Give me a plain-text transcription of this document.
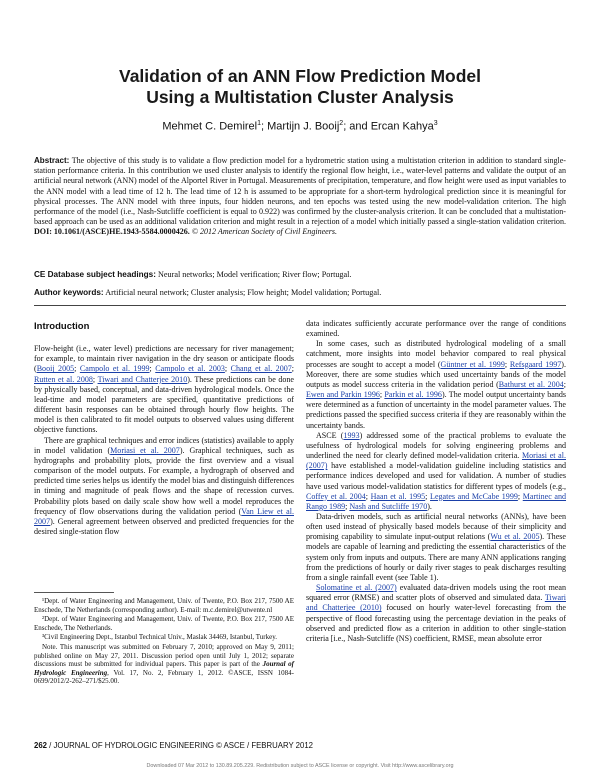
Validation of an ANN Flow Prediction Model
Using a Multistation Cluster Analysis
Mehmet C. Demirel$^1$; Martijn J. Booij$^2$; and Ercan Kahya$^3$
Abstract: The objective of this study is to validate a flow prediction model for a hydrometric station using a multistation criterion in addition to standard single-station performance criteria. In this contribution we used cluster analysis to identify the regional flow height, i.e., water-level patterns and validate the output of an artificial neural network (ANN) model of the Alportel River in Portugal. Measurements of precipitation, temperature, and flow height were used as input variables to the ANN model with a lead time of 12 h. The lead time of 12 h is assumed to be appropriate for a short-term hydrological prediction since it is meaningful for physical processes. The ANN model with three inputs, four hidden neurons, and ten epochs was tested using the new model-validation criterion. The high performance of the model (i.e., Nash-Sutcliffe coefficient is equal to 0.922) was confirmed by the cluster-analysis criterion. It can be concluded that a multistation-based approach can be used as an additional validation criterion and might result in a rejection of a model which initially passed a single-station validation criterion. DOI: 10.1061/(ASCE)HE.1943-5584.0000426. © 2012 American Society of Civil Engineers.
CE Database subject headings: Neural networks; Model verification; River flow; Portugal.
Author keywords: Artificial neural network; Cluster analysis; Flow height; Model validation; Portugal.
Introduction

Flow-height (i.e., water level) predictions are necessary for river management; for example, to maintain river navigation in the dry season or anticipate floods (Booij 2005; Campolo et al. 1999; Campolo et al. 2003; Chang et al. 2007; Rutten et al. 2008; Tiwari and Chatterjee 2010). These predictions can be done by physically based, conceptual, and data-driven hydrological models. Once the lead-time and model parameters are specified, quantitative predictions of different basin responses can be obtained through hourly flow heights. The model is then calibrated to fit model outputs to observed values using different objective functions.

There are graphical techniques and error indices (statistics) available to apply in model validation (Moriasi et al. 2007). Graphical techniques, such as hydrographs and probability plots, provide the first overview and a visual comparison of the model outputs. For example, a hydrograph of observed and predicted time series helps us identify the model bias and distinguish differences in timing and magnitude of peak flows and the shape of recession curves. Probability plots based on daily scale show how well a model reproduces the frequency of flow observations during the validation period (Van Liew et al. 2007). General agreement between observed and predicted frequencies for the desired single-station flow

¹Dept. of Water Engineering and Management, Univ. of Twente, P.O. Box 217, 7500 AE Enschede, The Netherlands (corresponding author). E-mail: m.c.demirel@utwente.nl

²Dept. of Water Engineering and Management, Univ. of Twente, P.O. Box 217, 7500 AE Enschede, The Netherlands.

³Civil Engineering Dept., Istanbul Technical Univ., Maslak 34469, Istanbul, Turkey.

Note. This manuscript was submitted on February 7, 2010; approved on May 9, 2011; published online on May 27, 2011. Discussion period open until July 1, 2012; separate discussions must be submitted for individual papers. This paper is part of the Journal of Hydrologic Engineering, Vol. 17, No. 2, February 1, 2012. ©ASCE, ISSN 1084-0699/2012/2-262–271/$25.00.

data indicates sufficiently accurate performance over the range of conditions examined.

In some cases, such as distributed hydrological modeling of a small catchment, more insights into model behavior compared to real physical processes are sought to accept a model (Güntner et al. 1999; Refsgaard 1997). Moreover, there are some studies which used uncertainty bands of the model outputs as model success criteria in the validation period (Bathurst et al. 2004; Ewen and Parkin 1996; Parkin et al. 1996). The model output uncertainty bands were determined as a function of uncertainty in the model parameter values. The predictions passed the specified success criteria if they are reasonably within the uncertainty bands.

ASCE (1993) addressed some of the practical problems to evaluate the usefulness of hydrological models for solving engineering problems and underlined the need for clearly defined model-validation criteria. Moriasi et al. (2007) have established a model-validation guideline including statistics and performance indices developed and used for validation. A number of studies have used various model-validation statistics for different types of models (e.g., Coffey et al. 2004; Haan et al. 1995; Legates and McCabe 1999; Martinec and Rango 1989; Nash and Sutcliffe 1970).

Data-driven models, such as artificial neural networks (ANNs), have been often used instead of physically based models because of their simplicity and promising capability to simulate input-output relations (Wu et al. 2005). These models are capable of learning and predicting the essential characteristics of the system only from inputs and outputs. There are many ANN applications ranging from the predictions of hourly or daily river stages to peak discharges resulting from a single rainfall event (see Table 1).

Solomatine et al. (2007) evaluated data-driven models using the root mean squared error (RMSE) and scatter plots of observed and simulated data. Tiwari and Chatterjee (2010) focused on hourly water-level forecasting from the perspective of flood forecasting using the percentage deviation in the peaks of observed and predicted flow as a criterion in addition to other single-station criteria [i.e., Nash-Sutcliffe (NS) coefficient, RMSE, mean absolute error

262 / JOURNAL OF HYDROLOGIC ENGINEERING © ASCE / FEBRUARY 2012
Downloaded 07 Mar 2012 to 130.89.205.229. Redistribution subject to ASCE license or copyright. Visit http://www.ascelibrary.org
